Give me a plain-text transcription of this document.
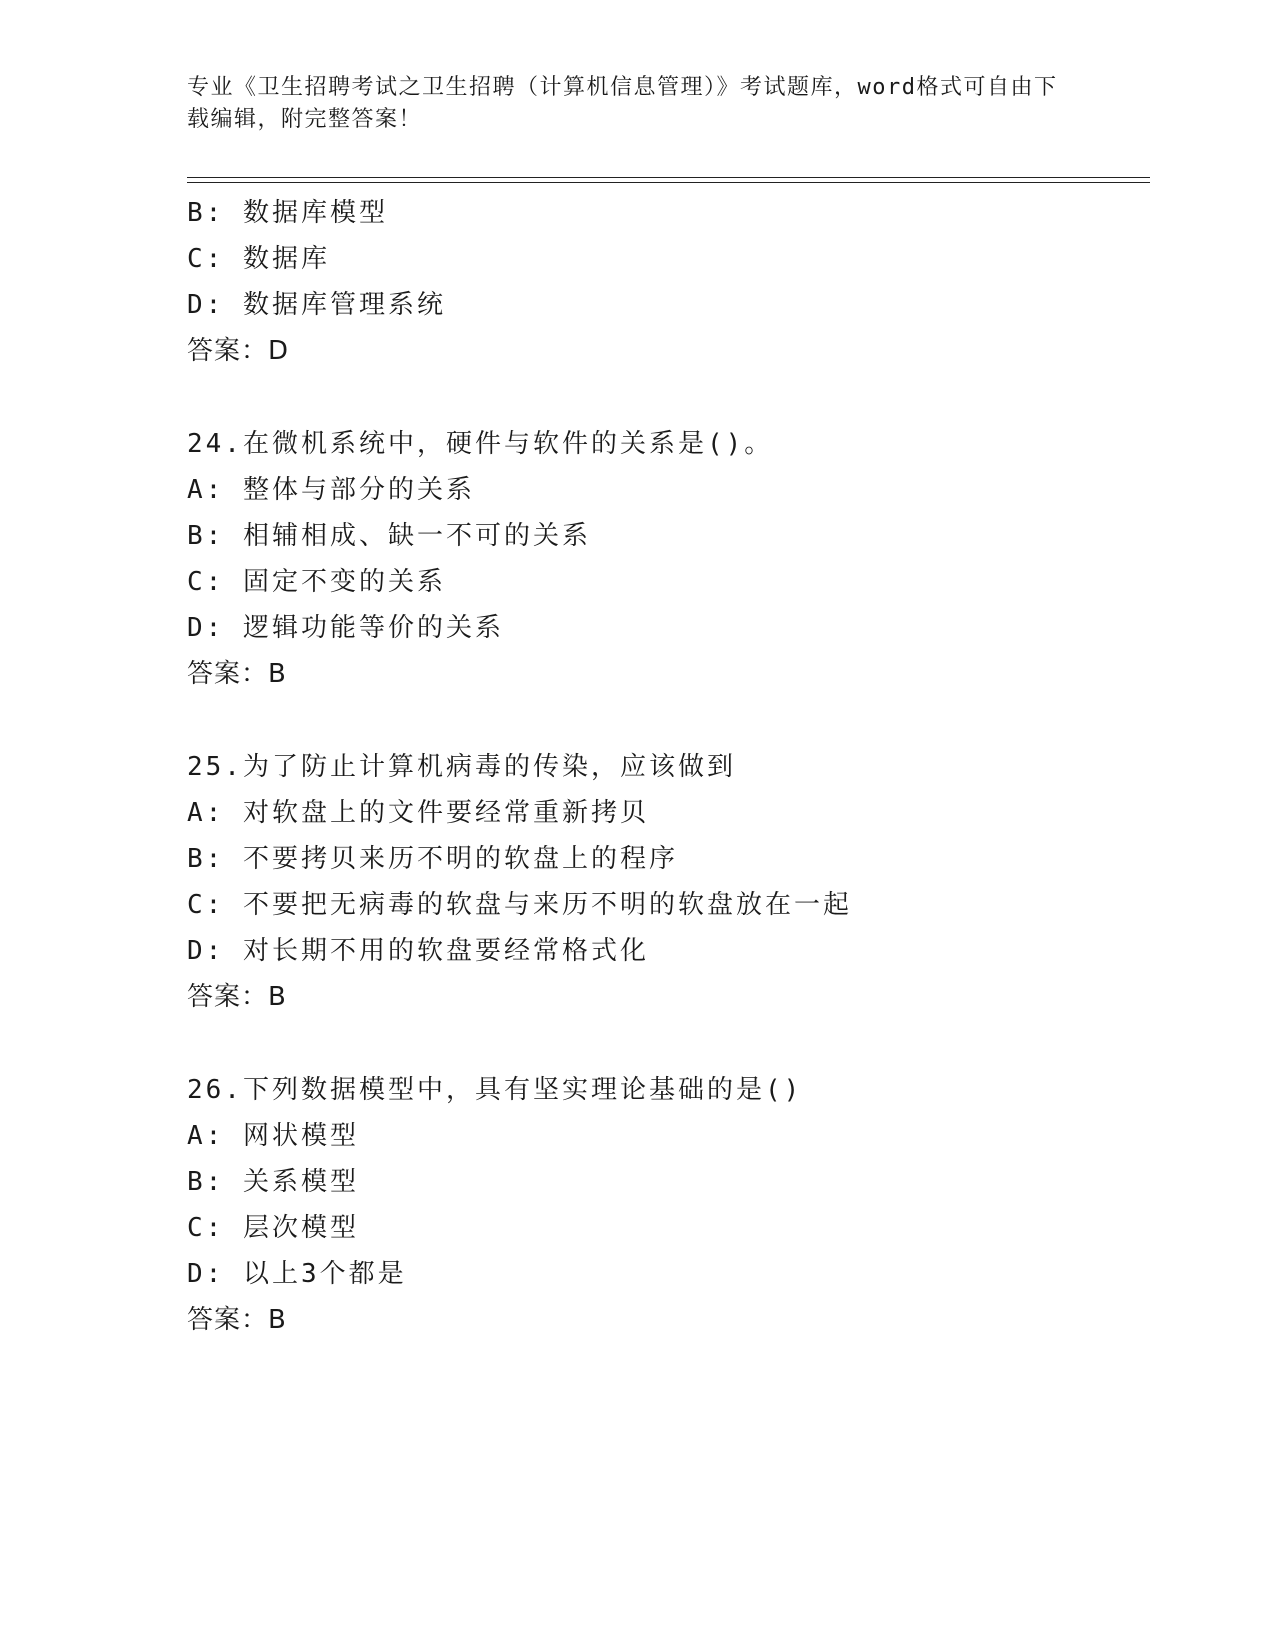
专业《卫生招聘考试之卫生招聘（计算机信息管理）》考试题库，word格式可自由下载编辑，附完整答案！
B: 数据库模型
C: 数据库
D: 数据库管理系统
答案：D
24.在微机系统中，硬件与软件的关系是()。
A: 整体与部分的关系
B: 相辅相成、缺一不可的关系
C: 固定不变的关系
D: 逻辑功能等价的关系
答案：B
25.为了防止计算机病毒的传染，应该做到
A: 对软盘上的文件要经常重新拷贝
B: 不要拷贝来历不明的软盘上的程序
C: 不要把无病毒的软盘与来历不明的软盘放在一起
D: 对长期不用的软盘要经常格式化
答案：B
26.下列数据模型中，具有坚实理论基础的是()
A: 网状模型
B: 关系模型
C: 层次模型
D: 以上3个都是
答案：B
